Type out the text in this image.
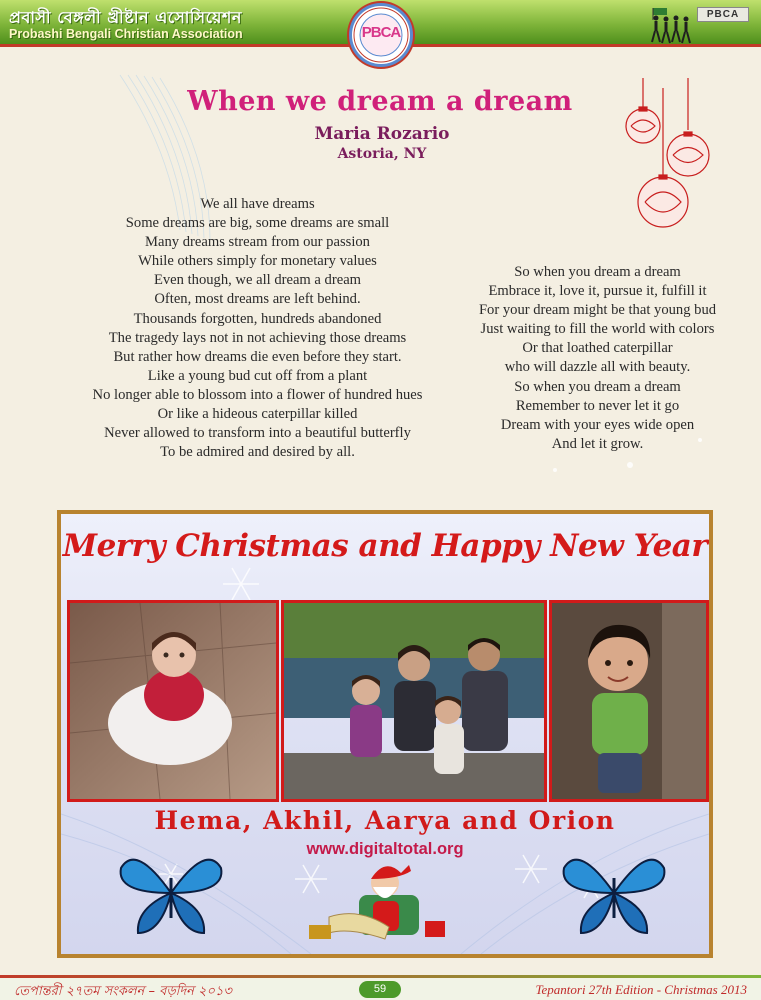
প্রবাসী বেঙ্গলী খ্রীষ্টান এসোসিয়েশন
Probashi Bengali Christian Association
PBCA
PBCA
When we dream a dream
Maria Rozario
Astoria, NY
We all have dreams
Some dreams are big, some dreams are small
Many dreams stream from our passion
While others simply for monetary values
Even though, we all dream a dream
Often, most dreams are left behind.
Thousands forgotten, hundreds abandoned
The tragedy lays not in not achieving those dreams
But rather how dreams die even before they start.
Like a young bud cut off from a plant
No longer able to blossom into a flower of hundred hues
Or like a hideous caterpillar killed
Never allowed to transform into a beautiful butterfly
To be admired and desired by all.
So when you dream a dream
Embrace it, love it, pursue it, fulfill it
For your dream might be that young bud
Just waiting to fill the world with colors
Or that loathed caterpillar
who will dazzle all with beauty.
So when you dream a dream
Remember to never let it go
Dream with your eyes wide open
And let it grow.
Merry Christmas and Happy New Year
Hema, Akhil, Aarya and Orion
www.digitaltotal.org
তেপান্তরী ২৭তম সংকলন – বড়দিন ২০১৩	59	Tepantori 27th Edition - Christmas 2013
